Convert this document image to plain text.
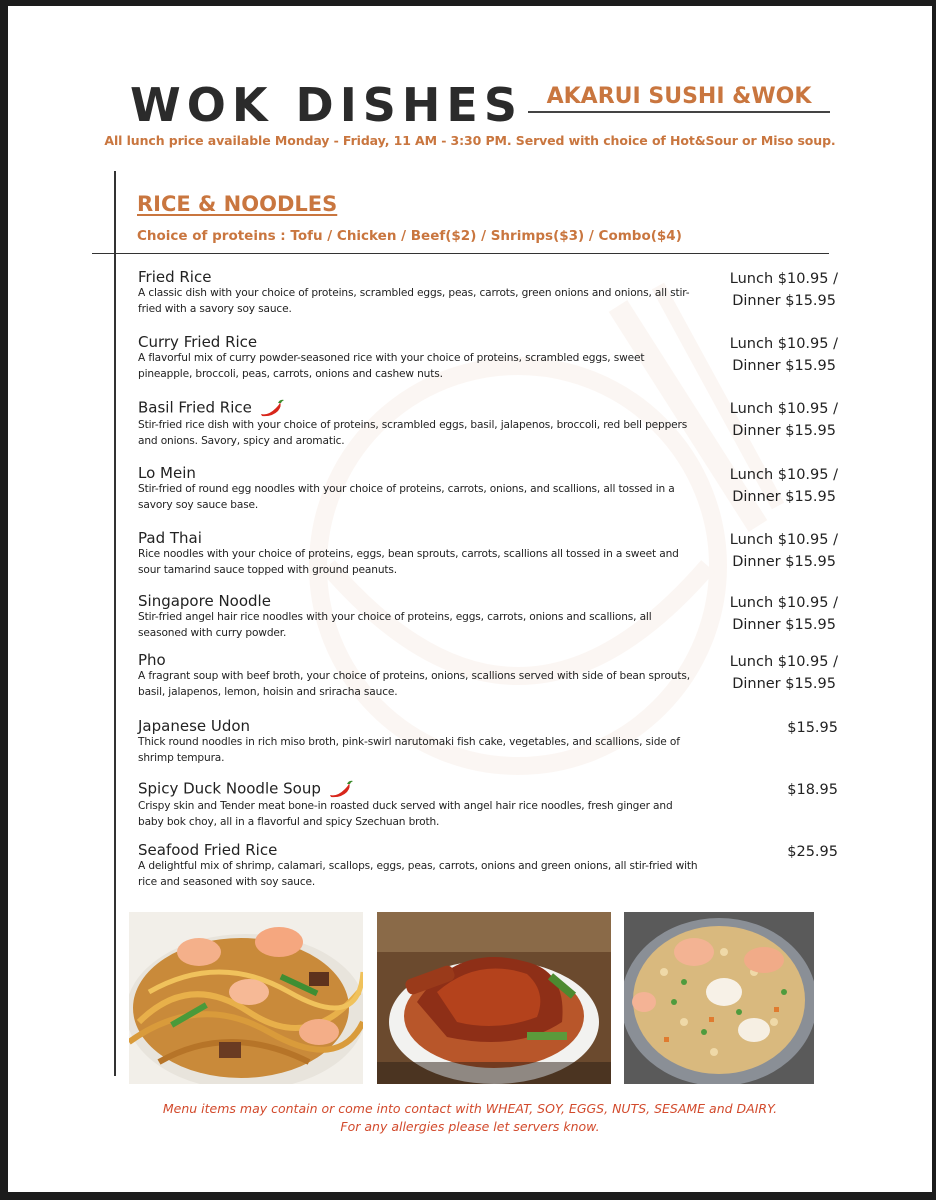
WOK DISHES	AKARUI SUSHI &WOK
All lunch price available Monday - Friday, 11 AM - 3:30 PM. Served with choice of Hot&Sour or Miso soup.
RICE & NOODLES
Choice of proteins : Tofu / Chicken / Beef($2) / Shrimps($3) / Combo($4)
Fried Rice
A classic dish with your choice of proteins, scrambled eggs, peas, carrots, green onions and onions, all stir-fried with a savory soy sauce.
Lunch $10.95 /
Dinner $15.95
Curry Fried Rice
A flavorful mix of curry powder-seasoned rice with your choice of proteins, scrambled eggs, sweet pineapple, broccoli, peas, carrots, onions and cashew nuts.
Lunch $10.95 /
Dinner $15.95
Basil Fried Rice
Stir-fried rice dish with your choice of proteins, scrambled eggs, basil, jalapenos, broccoli, red bell peppers and onions. Savory, spicy and aromatic.
Lunch $10.95 /
Dinner $15.95
Lo Mein
Stir-fried of round egg noodles with your choice of proteins, carrots, onions, and scallions, all tossed in a savory soy sauce base.
Lunch $10.95 /
Dinner $15.95
Pad Thai
Rice noodles with your choice of proteins, eggs, bean sprouts, carrots, scallions all tossed in a sweet and sour tamarind sauce topped with ground peanuts.
Lunch $10.95 /
Dinner $15.95
Singapore Noodle
Stir-fried angel hair rice noodles with your choice of proteins, eggs, carrots, onions and scallions, all seasoned with curry powder.
Lunch $10.95 /
Dinner $15.95
Pho
A fragrant soup with beef broth, your choice of proteins, onions, scallions served with side of bean sprouts, basil, jalapenos, lemon, hoisin and sriracha sauce.
Lunch $10.95 /
Dinner $15.95
Japanese Udon
Thick round noodles in rich miso broth, pink-swirl narutomaki fish cake, vegetables, and scallions, side of shrimp tempura.
$15.95
Spicy Duck Noodle Soup
Crispy skin and Tender meat bone-in roasted duck served with angel hair rice noodles, fresh ginger and baby bok choy, all in a flavorful and spicy Szechuan broth.
$18.95
Seafood Fried Rice
A delightful mix of shrimp, calamari, scallops, eggs, peas, carrots, onions and green onions, all stir-fried with rice and seasoned with soy sauce.
$25.95
Menu items may contain or come into contact with WHEAT, SOY, EGGS, NUTS, SESAME and DAIRY.
For any allergies please let servers know.
